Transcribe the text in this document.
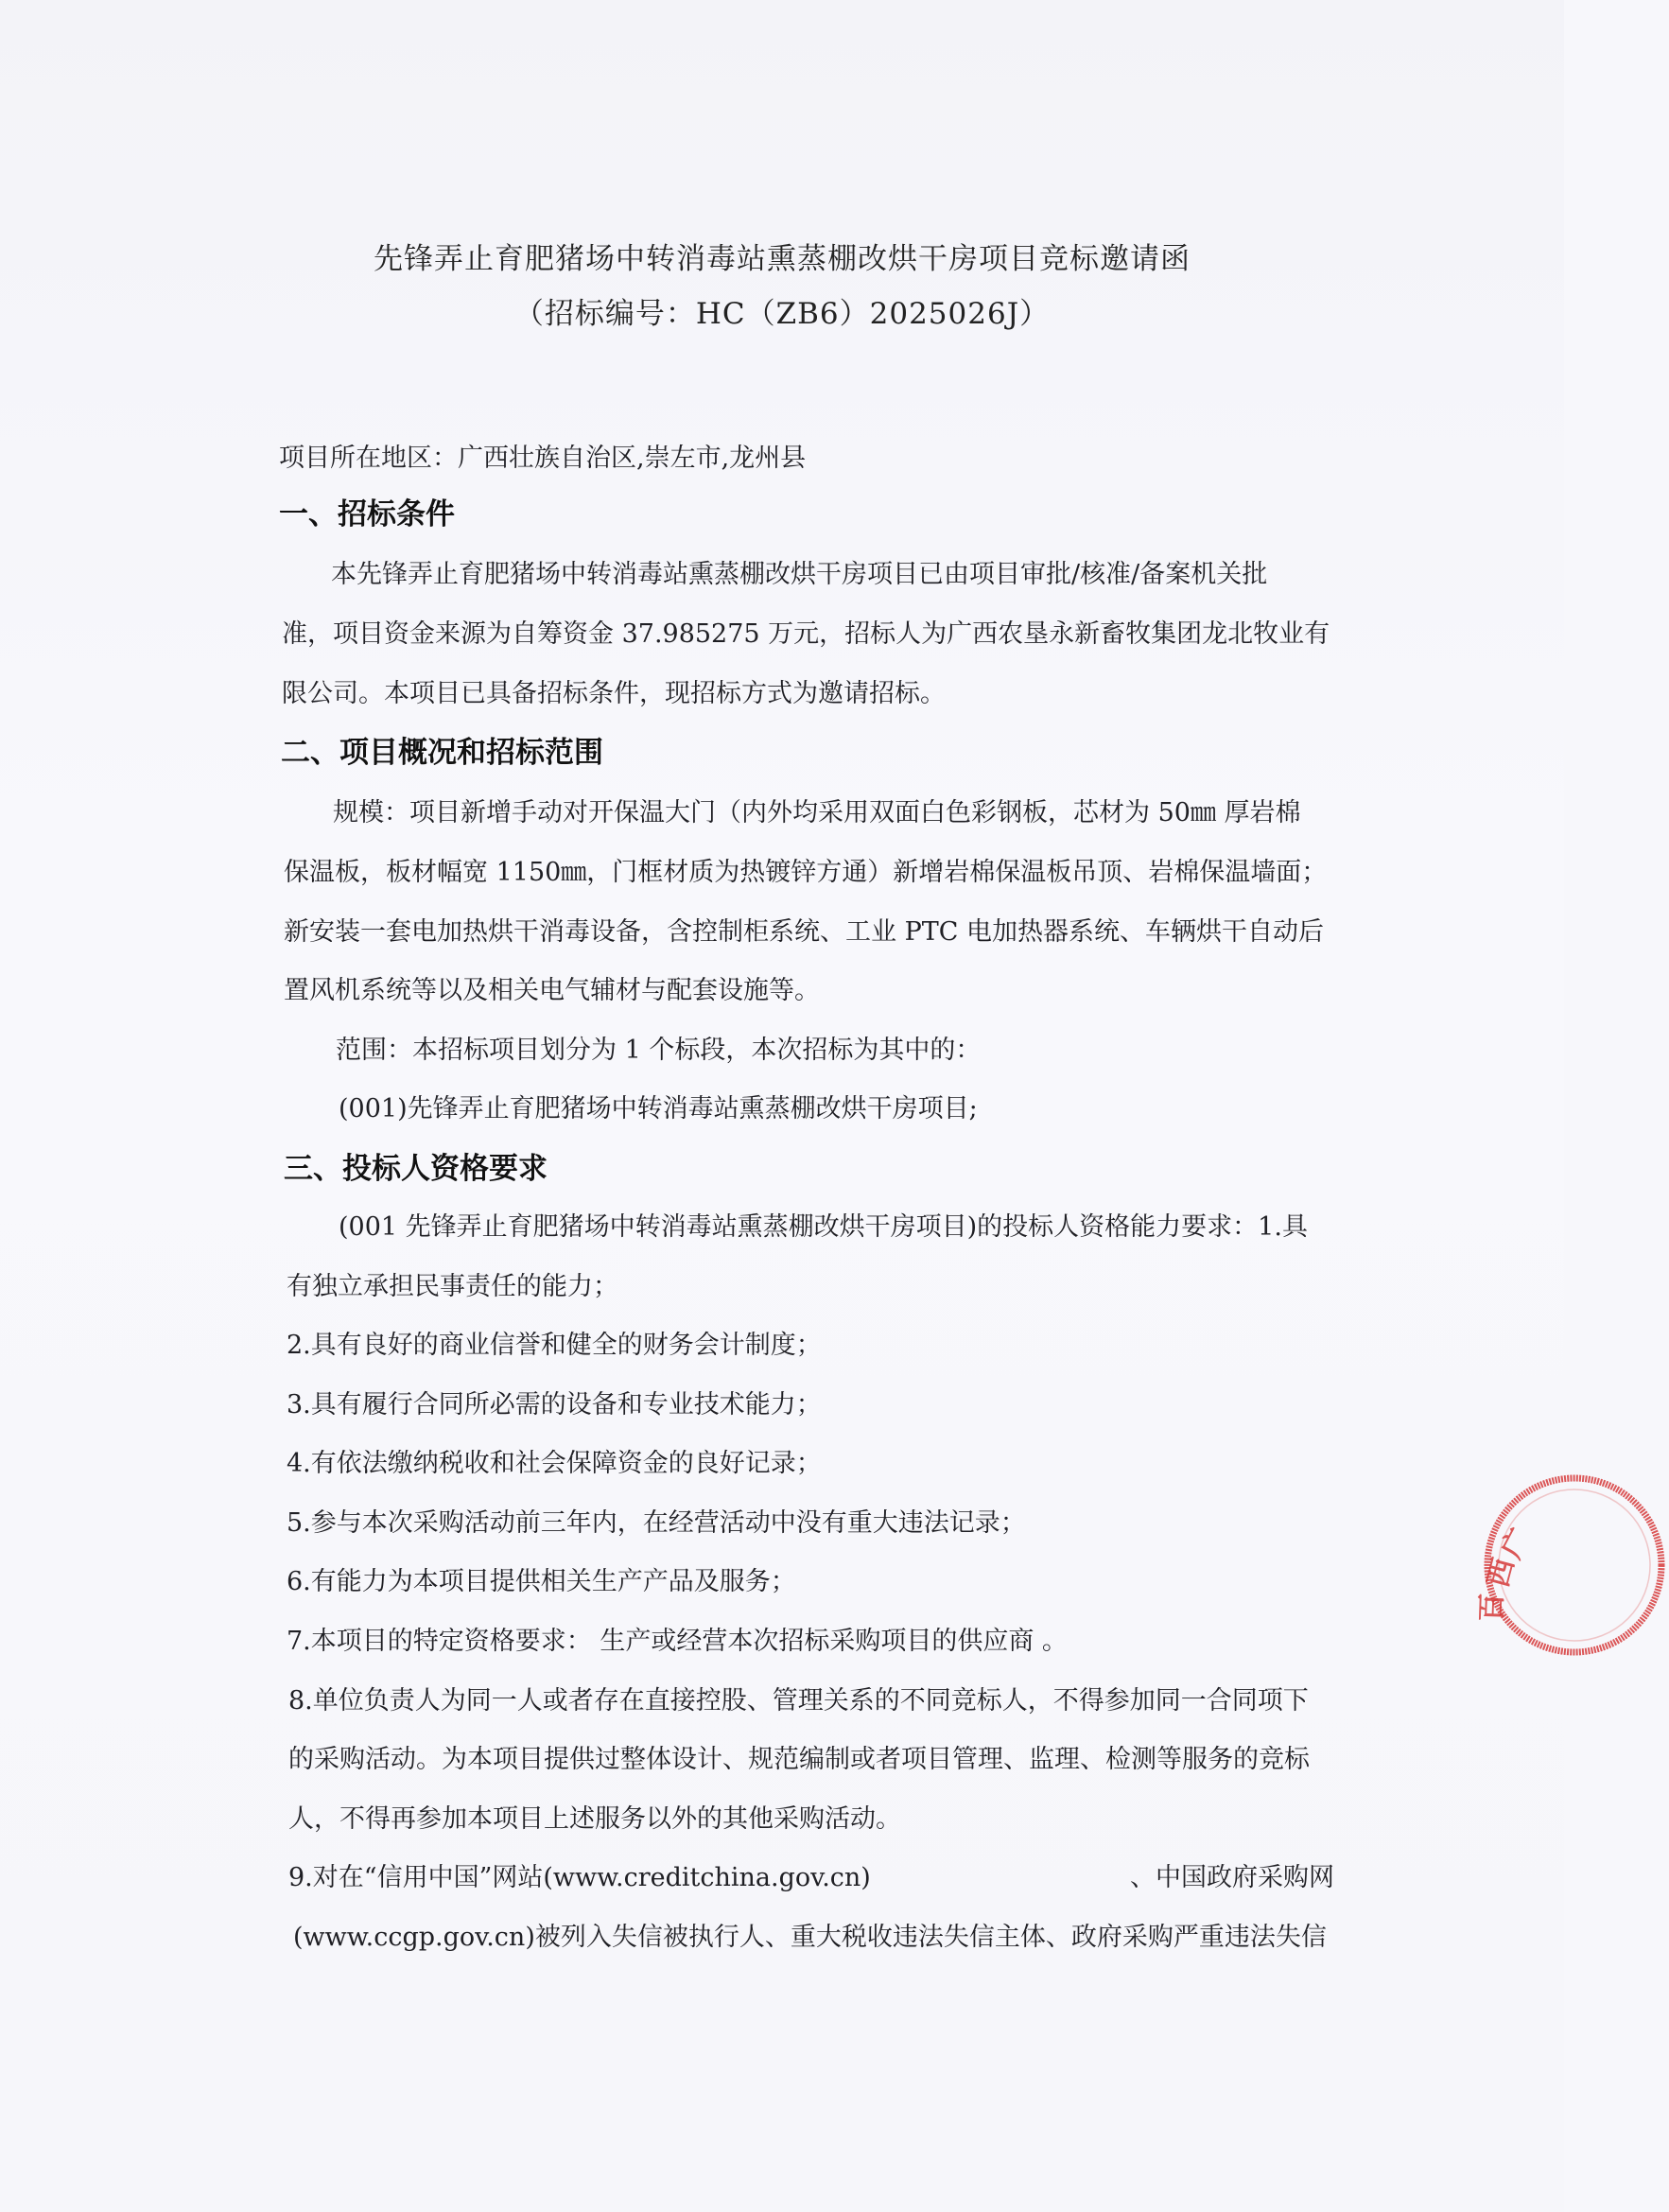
先锋弄止育肥猪场中转消毒站熏蒸棚改烘干房项目竞标邀请函
（招标编号：HC（ZB6）2025026J）
项目所在地区：广西壮族自治区,崇左市,龙州县
一、招标条件
本先锋弄止育肥猪场中转消毒站熏蒸棚改烘干房项目已由项目审批/核准/备案机关批
准，项目资金来源为自筹资金 37.985275 万元，招标人为广西农垦永新畜牧集团龙北牧业有
限公司。本项目已具备招标条件，现招标方式为邀请招标。
二、项目概况和招标范围
规模：项目新增手动对开保温大门（内外均采用双面白色彩钢板，芯材为 50㎜ 厚岩棉
保温板，板材幅宽 1150㎜，门框材质为热镀锌方通）新增岩棉保温板吊顶、岩棉保温墙面；
新安装一套电加热烘干消毒设备，含控制柜系统、工业 PTC 电加热器系统、车辆烘干自动后
置风机系统等以及相关电气辅材与配套设施等。
范围：本招标项目划分为 1 个标段，本次招标为其中的：
(001)先锋弄止育肥猪场中转消毒站熏蒸棚改烘干房项目;
三、投标人资格要求
(001 先锋弄止育肥猪场中转消毒站熏蒸棚改烘干房项目)的投标人资格能力要求：1.具
有独立承担民事责任的能力；
2.具有良好的商业信誉和健全的财务会计制度；
3.具有履行合同所必需的设备和专业技术能力；
4.有依法缴纳税收和社会保障资金的良好记录；
5.参与本次采购活动前三年内，在经营活动中没有重大违法记录；
6.有能力为本项目提供相关生产产品及服务；
7.本项目的特定资格要求： 生产或经营本次招标采购项目的供应商 。
8.单位负责人为同一人或者存在直接控股、管理关系的不同竞标人，不得参加同一合同项下
的采购活动。为本项目提供过整体设计、规范编制或者项目管理、监理、检测等服务的竞标
人，不得再参加本项目上述服务以外的其他采购活动。
9.对在“信用中国”网站(www.creditchina.gov.cn)	、中国政府采购网
(www.ccgp.gov.cn)被列入失信被执行人、重大税收违法失信主体、政府采购严重违法失信
广
西
百
